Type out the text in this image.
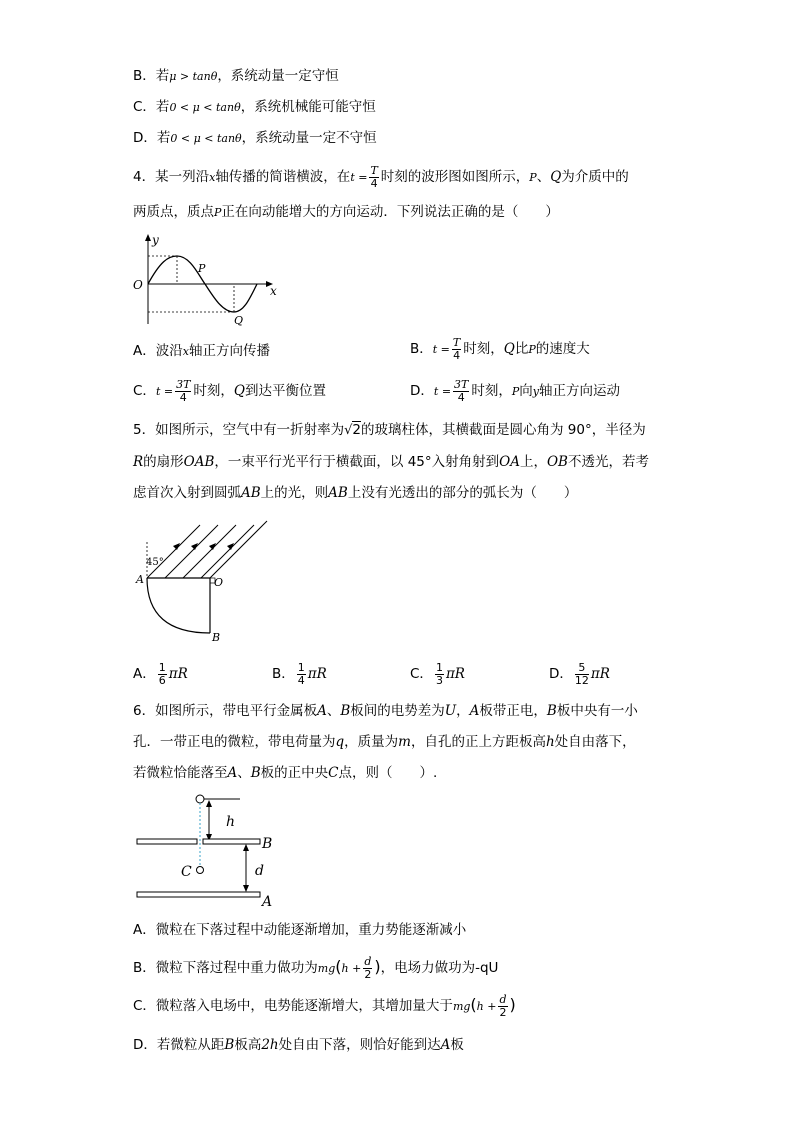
B．若μ > tanθ，系统动量一定守恒
C．若0 < μ < tanθ，系统机械能可能守恒
D．若0 < μ < tanθ，系统动量一定不守恒
4．某一列沿x轴传播的简谐横波，在$t = \frac{T}{4}$ 时刻的波形图如图所示，P、Q为介质中的
两质点，质点P正在向动能增大的方向运动．下列说法正确的是（　　）
y
O
P
x
Q
A．波沿x轴正方向传播	B．$t = \frac{T}{4}$ 时刻，Q比P的速度大
C．$t = \frac{3T}{4}$ 时刻，Q到达平衡位置	D．$t = \frac{3T}{4}$ 时刻，P向y轴正方向运动
5．如图所示，空气中有一折射率为√2的玻璃柱体，其横截面是圆心角为 90°，半径为
R的扇形OAB，一束平行光平行于横截面，以 45°入射角射到OA上，OB不透光，若考
虑首次入射到圆弧AB上的光，则AB上没有光透出的部分的弧长为（　　）
45°
A	O
B
A． $\frac{1}{6}$ πR	B． $\frac{1}{4}$ πR	C． $\frac{1}{3}$ πR	D． $\frac{5}{12}$ πR
6．如图所示，带电平行金属板A、B板间的电势差为U，A板带正电，B板中央有一小
孔．一带正电的微粒，带电荷量为q，质量为m，自孔的正上方距板高h处自由落下，
若微粒恰能落至A、B板的正中央C点，则（　　）.
h
B
d
C
A
A．微粒在下落过程中动能逐渐增加，重力势能逐渐减小
B．微粒下落过程中重力做功为$mg(h + \frac{d}{2}$ )，电场力做功为-qU
C．微粒落入电场中，电势能逐渐增大，其增加量大于$mg(h + \frac{d}{2}$ )
D．若微粒从距B板高2h处自由下落，则恰好能到达A板
